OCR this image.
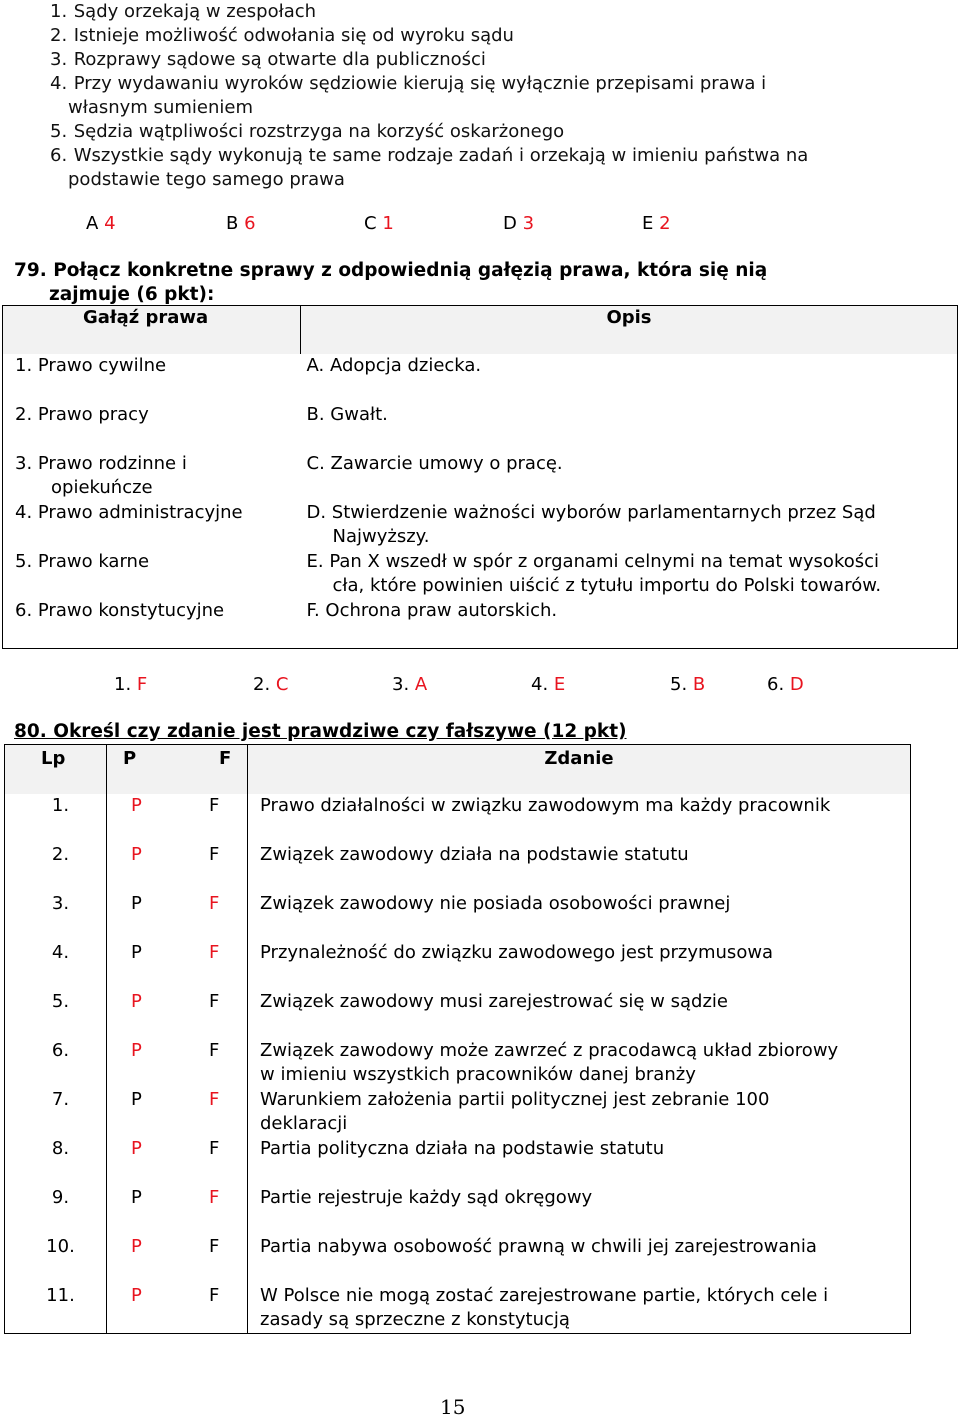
1. Sądy orzekają w zespołach
2. Istnieje możliwość odwołania się od wyroku sądu
3. Rozprawy sądowe są otwarte dla publiczności
4. Przy wydawaniu wyroków sędziowie kierują się wyłącznie przepisami prawa i
własnym sumieniem
5. Sędzia wątpliwości rozstrzyga na korzyść oskarżonego
6. Wszystkie sądy wykonują te same rodzaje zadań i orzekają w imieniu państwa na
podstawie tego samego prawa
A 4	B 6	C 1	D 3	E 2
79. Połącz konkretne sprawy z odpowiednią gałęzią prawa, która się nią
zajmuje (6 pkt):
Gałąź prawa	Opis
1. Prawo cywilne	A. Adopcja dziecka.
2. Prawo pracy	B. Gwałt.
3. Prawo rodzinne i
opiekuńcze	C. Zawarcie umowy o pracę.
4. Prawo administracyjne	D. Stwierdzenie ważności wyborów parlamentarnych przez Sąd
Najwyższy.

5. Prawo karne	E. Pan X wszedł w spór z organami celnymi na temat wysokości
cła, które powinien uiścić z tytułu importu do Polski towarów.

6. Prawo konstytucyjne	F. Ochrona praw autorskich.
1. F	2. C	3. A	4. E	5. B	6. D
80. Określ czy zdanie jest prawdziwe czy fałszywe (12 pkt)
Lp	P F	Zdanie
1.	P F	Prawo działalności w związku zawodowym ma każdy pracownik
2.	P F	Związek zawodowy działa na podstawie statutu
3.	P F	Związek zawodowy nie posiada osobowości prawnej
4.	P F	Przynależność do związku zawodowego jest przymusowa
5.	P F	Związek zawodowy musi zarejestrować się w sądzie
6.	P F	Związek zawodowy może zawrzeć z pracodawcą układ zbiorowy
w imieniu wszystkich pracowników danej branży

7.	P F	Warunkiem założenia partii politycznej jest zebranie 100
deklaracji

8.	P F	Partia polityczna działa na podstawie statutu
9.	P F	Partie rejestruje każdy sąd okręgowy
10.	P F	Partia nabywa osobowość prawną w chwili jej zarejestrowania
11.	P F	W Polsce nie mogą zostać zarejestrowane partie, których cele i
zasady są sprzeczne z konstytucją
15
